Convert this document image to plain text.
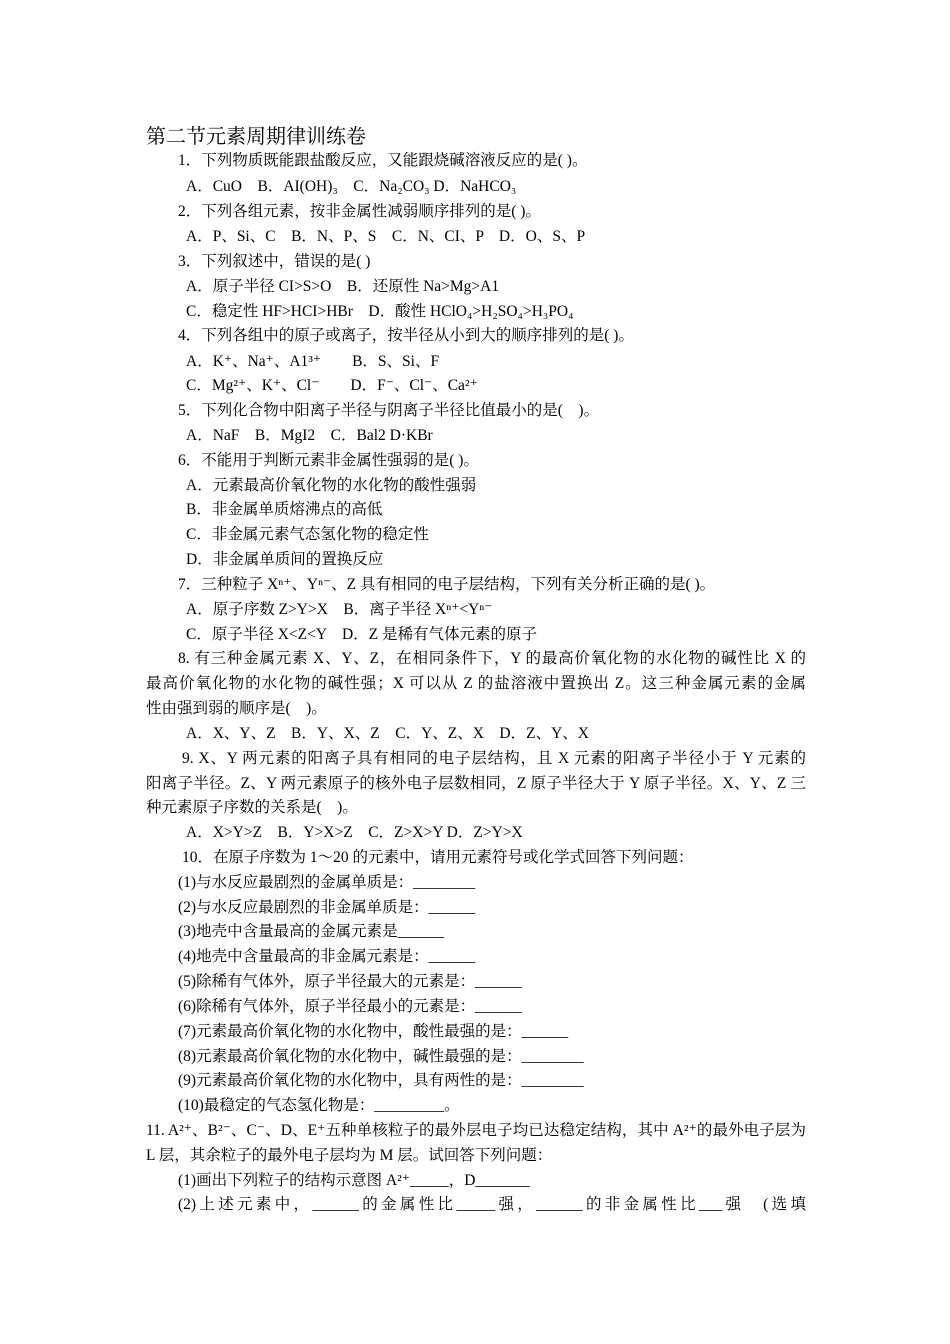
第二节元素周期律训练卷
1．下列物质既能跟盐酸反应，又能跟烧碱溶液反应的是( )。
A．CuO　B．AI(OH)₃　C．Na₂CO₃ D．NaHCO₃
2．下列各组元素，按非金属性减弱顺序排列的是( )。
A．P、Si、C　B．N、P、S　C．N、CI、P　D．O、S、P
3．下列叙述中，错误的是( )
A．原子半径 CI>S>O　B．还原性 Na>Mg>A1
C．稳定性 HF>HCI>HBr　D．酸性 HClO₄>H₂SO₄>H₃PO₄
4．下列各组中的原子或离子，按半径从小到大的顺序排列的是( )。
A．K⁺、Na⁺、A1³⁺　　B．S、Si、F
C．Mg²⁺、K⁺、Cl⁻　　D．F⁻、Cl⁻、Ca²⁺
5．下列化合物中阳离子半径与阴离子半径比值最小的是(　)。
A．NaF　B．MgI2　C．Bal2 D·KBr
6．不能用于判断元素非金属性强弱的是( )。
A．元素最高价氧化物的水化物的酸性强弱
B．非金属单质熔沸点的高低
C．非金属元素气态氢化物的稳定性
D．非金属单质间的置换反应
7．三种粒子 Xⁿ⁺、Yⁿ⁻、Z 具有相同的电子层结构，下列有关分析正确的是( )。
A．原子序数 Z>Y>X　B．离子半径 Xⁿ⁺<Yⁿ⁻
C．原子半径 X<Z<Y　D．Z 是稀有气体元素的原子
8. 有三种金属元素 X、Y、Z，在相同条件下，Y 的最高价氧化物的水化物的碱性比 X 的
最高价氧化物的水化物的碱性强；X 可以从 Z 的盐溶液中置换出 Z。这三种金属元素的金属
性由强到弱的顺序是(　)。
A．X、Y、Z　B．Y、X、Z　C．Y、Z、X　D．Z、Y、X
9. X、Y 两元素的阳离子具有相同的电子层结构，且 X 元素的阳离子半径小于 Y 元素的
阳离子半径。Z、Y 两元素原子的核外电子层数相同，Z 原子半径大于 Y 原子半径。X、Y、Z 三
种元素原子序数的关系是(　)。
A．X>Y>Z　B．Y>X>Z　C．Z>X>Y D．Z>Y>X
10．在原子序数为 1～20 的元素中，请用元素符号或化学式回答下列问题：
(1)与水反应最剧烈的金属单质是：________
(2)与水反应最剧烈的非金属单质是：______
(3)地壳中含量最高的金属元素是______
(4)地壳中含量最高的非金属元素是：______
(5)除稀有气体外，原子半径最大的元素是：______
(6)除稀有气体外，原子半径最小的元素是：______
(7)元素最高价氧化物的水化物中，酸性最强的是：______
(8)元素最高价氧化物的水化物中，碱性最强的是：________
(9)元素最高价氧化物的水化物中，具有两性的是：________
(10)最稳定的气态氢化物是：_________。
11. A²⁺、B²⁻、C⁻、D、E⁺五种单核粒子的最外层电子均已达稳定结构，其中 A²⁺的最外电子层为
L 层，其余粒子的最外电子层均为 M 层。试回答下列问题：
(1)画出下列粒子的结构示意图 A²⁺_____，D_______
(2)上述元素中，______的金属性比_____强，______的非金属性比___强　(选填
